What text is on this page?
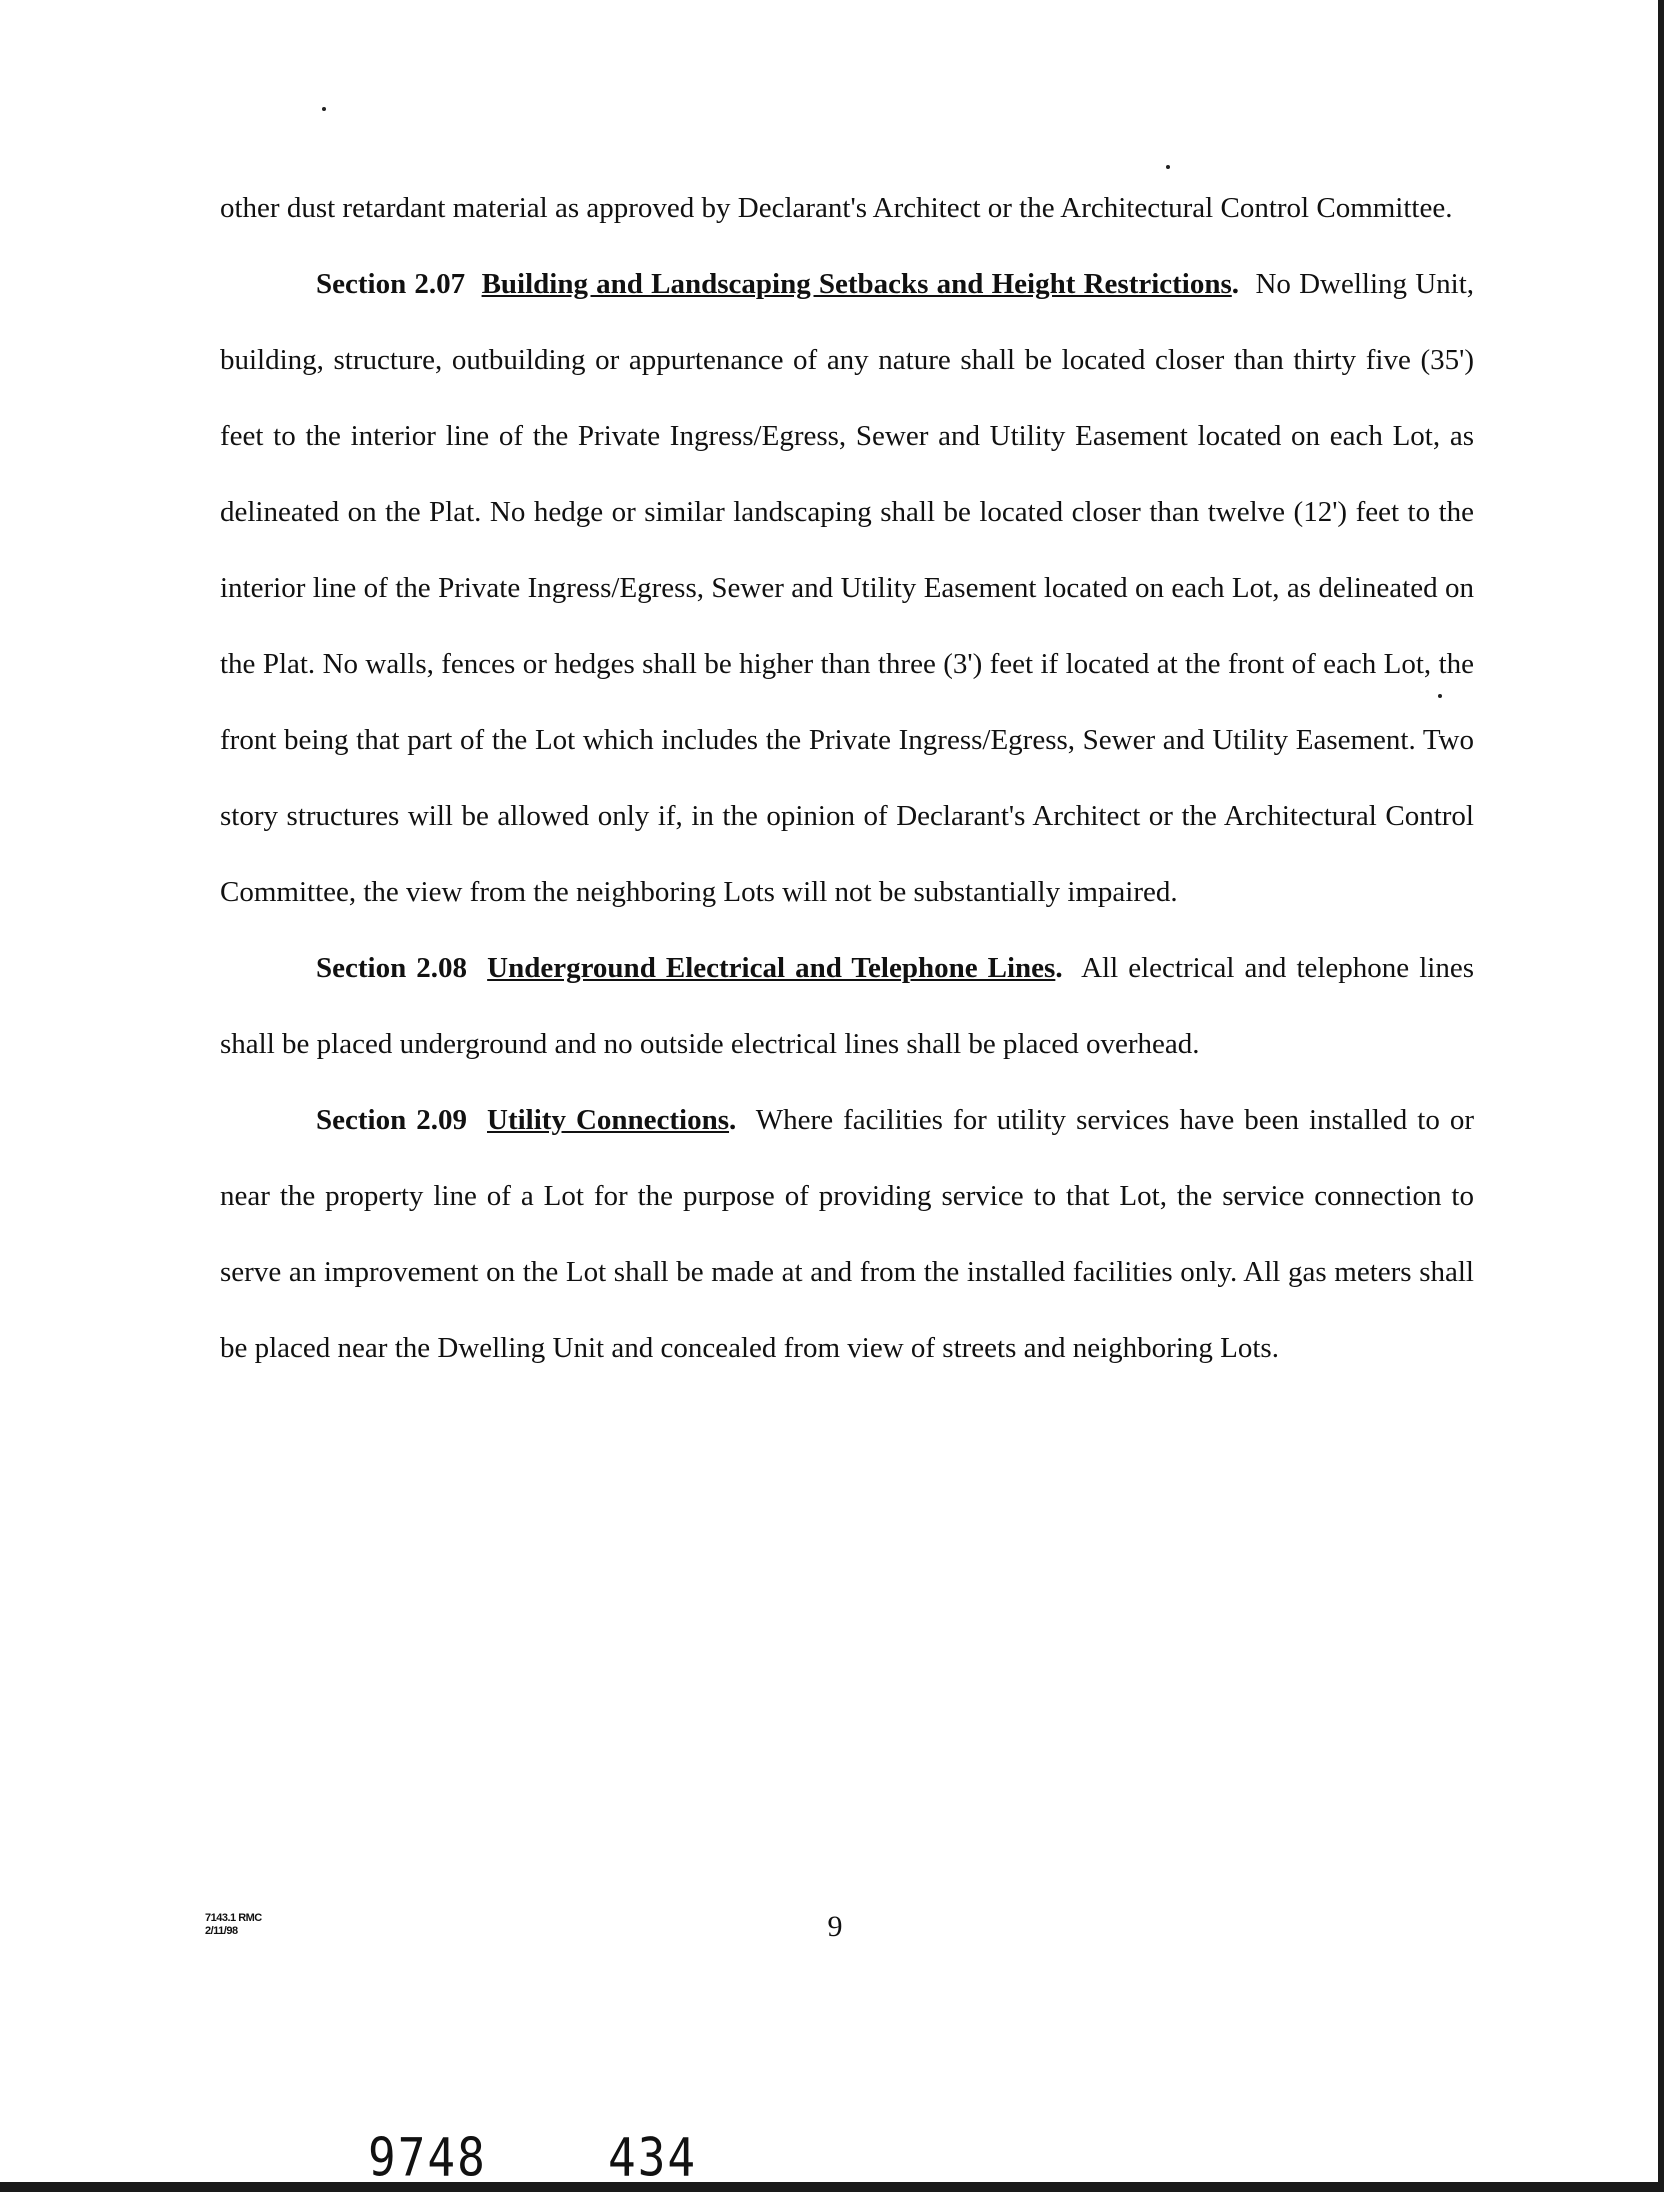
other dust retardant material as approved by Declarant's Architect or the Architectural Control Committee.

Section 2.07 Building and Landscaping Setbacks and Height Restrictions. No Dwelling Unit, building, structure, outbuilding or appurtenance of any nature shall be located closer than thirty five (35') feet to the interior line of the Private Ingress/Egress, Sewer and Utility Easement located on each Lot, as delineated on the Plat. No hedge or similar landscaping shall be located closer than twelve (12') feet to the interior line of the Private Ingress/Egress, Sewer and Utility Easement located on each Lot, as delineated on the Plat. No walls, fences or hedges shall be higher than three (3') feet if located at the front of each Lot, the front being that part of the Lot which includes the Private Ingress/Egress, Sewer and Utility Easement. Two story structures will be allowed only if, in the opinion of Declarant's Architect or the Architectural Control Committee, the view from the neighboring Lots will not be substantially impaired.

Section 2.08 Underground Electrical and Telephone Lines. All electrical and telephone lines shall be placed underground and no outside electrical lines shall be placed overhead.

Section 2.09 Utility Connections. Where facilities for utility services have been installed to or near the property line of a Lot for the purpose of providing service to that Lot, the service connection to serve an improvement on the Lot shall be made at and from the installed facilities only. All gas meters shall be placed near the Dwelling Unit and concealed from view of streets and neighboring Lots.

7143.1 RMC
2/11/98	9
9748	434
